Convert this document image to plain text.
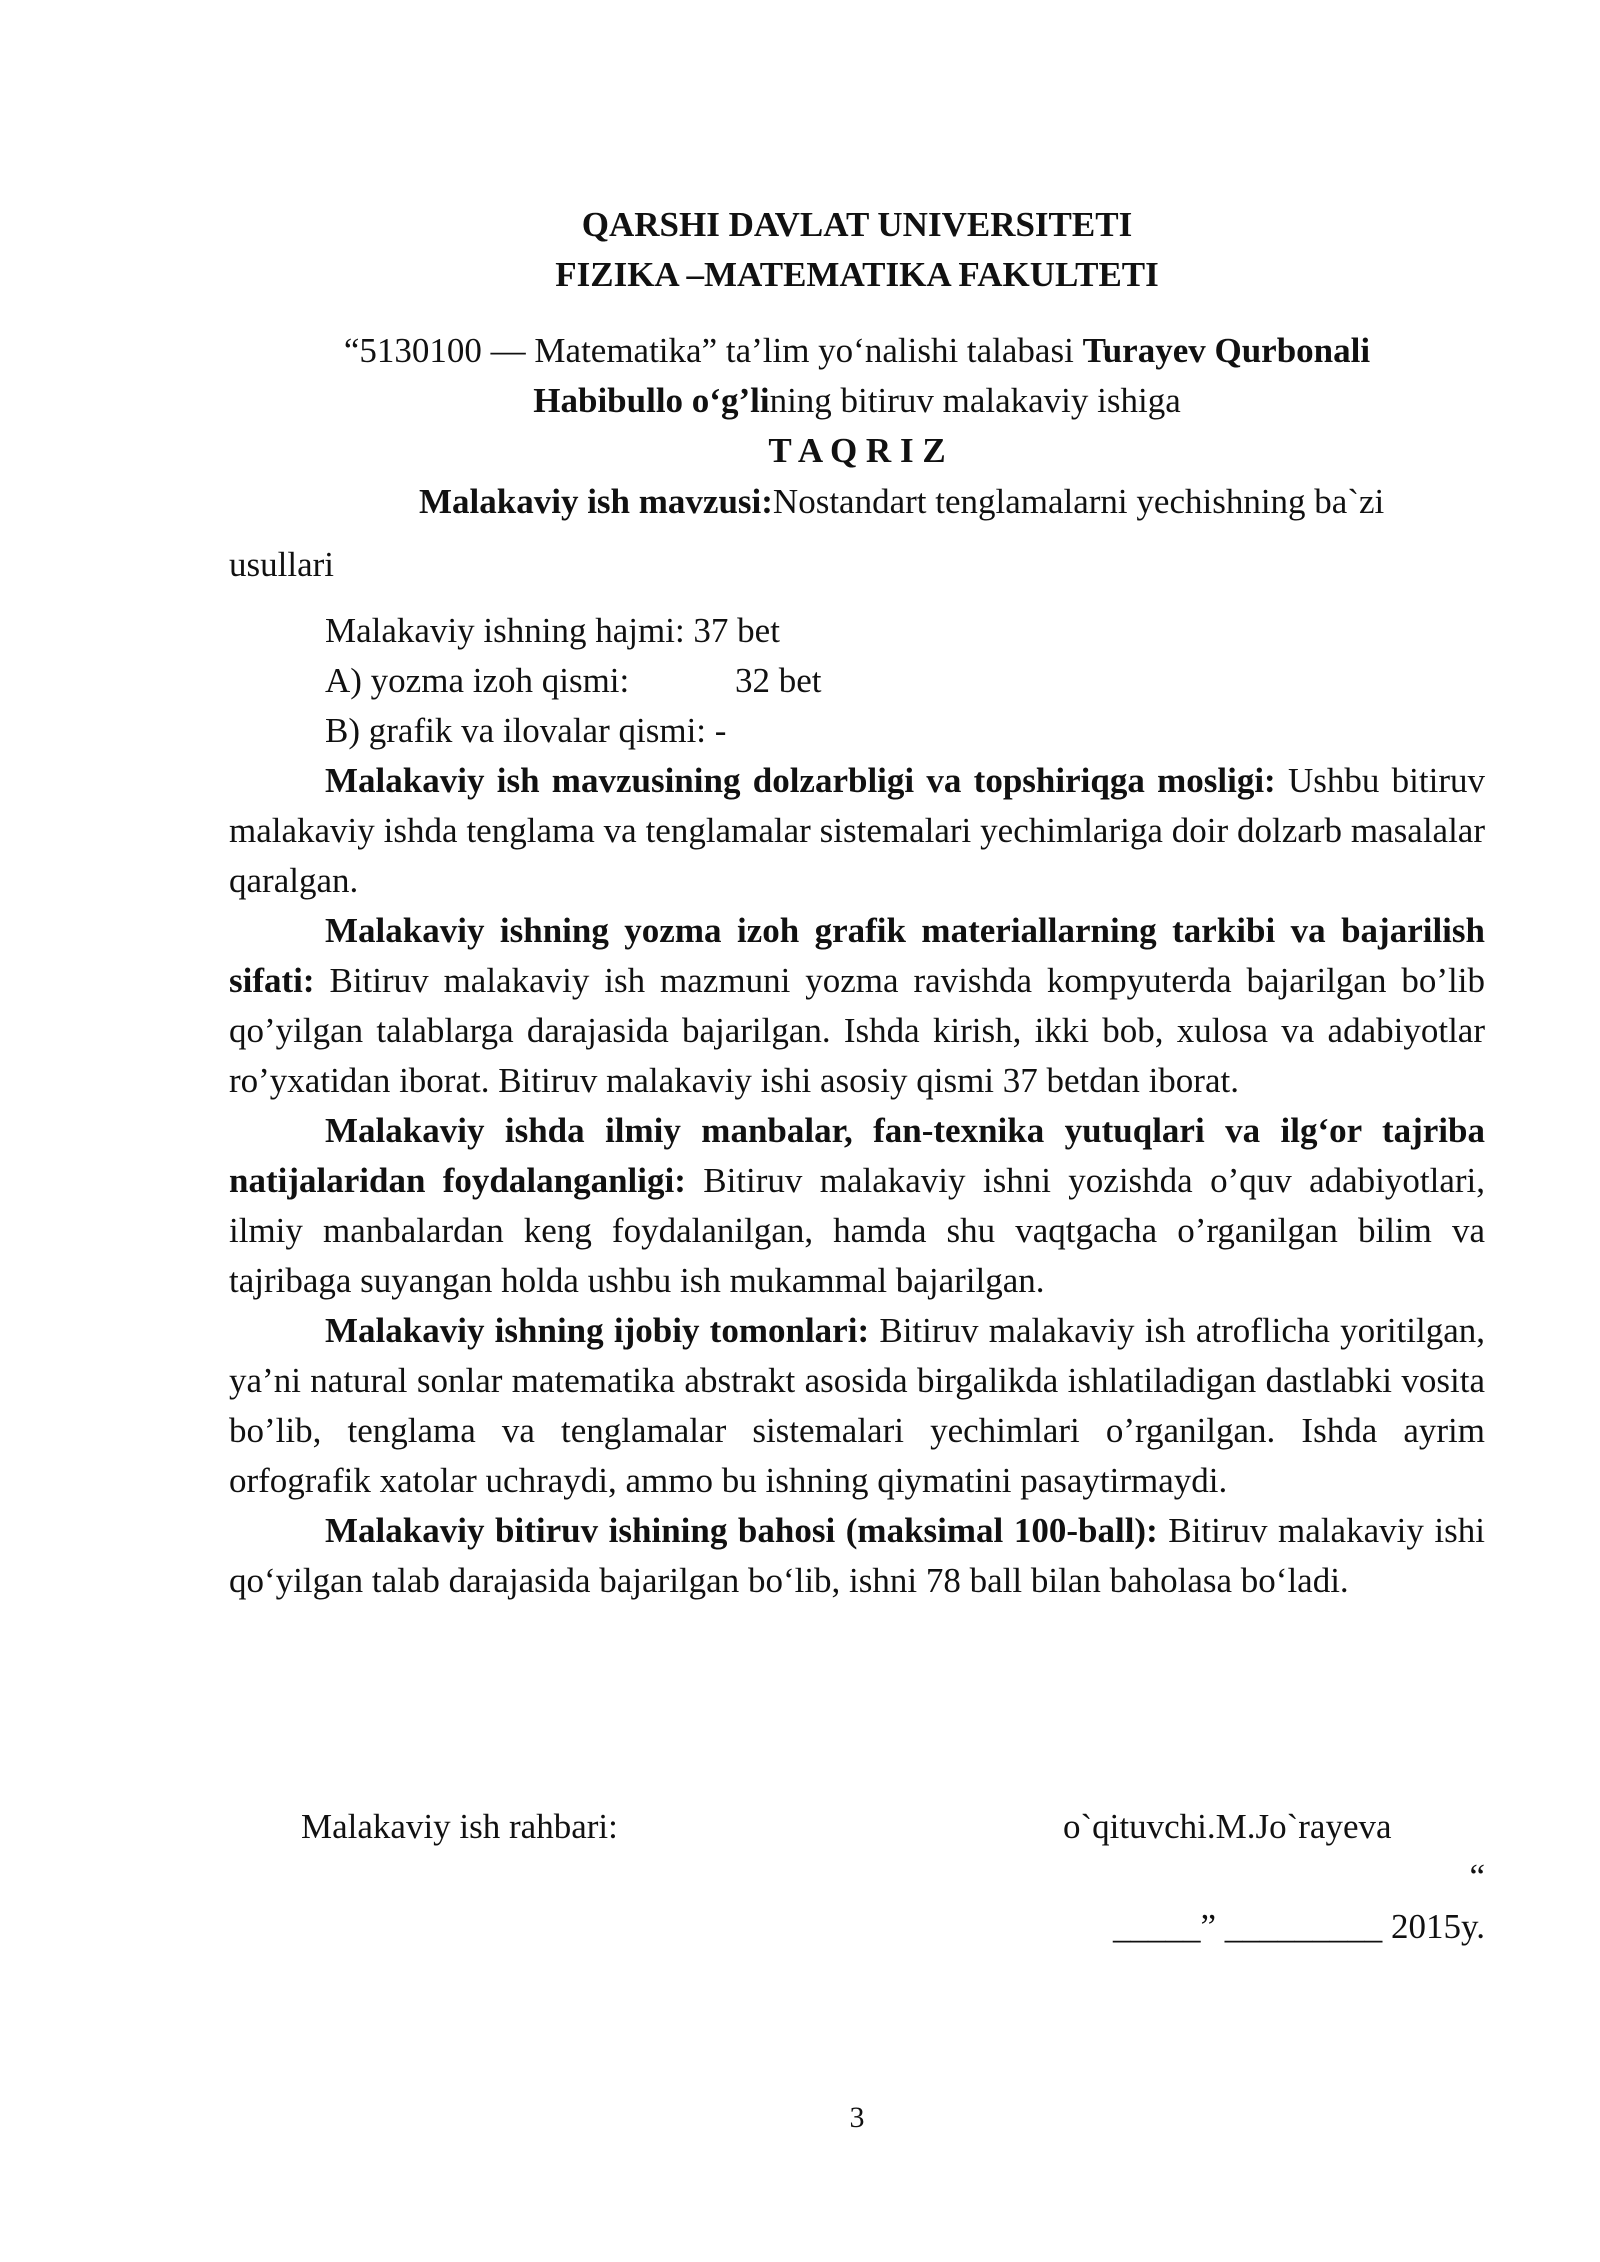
QARSHI DAVLAT UNIVERSITETI
FIZIKA –MATEMATIKA FAKULTETI
“5130100 — Matematika” ta’lim yo‘nalishi talabasi Turayev Qurbonali
Habibullo o‘g’lining bitiruv malakaviy ishiga
T A Q R I Z
Malakaviy ish mavzusi:Nostandart tenglamalarni yechishning ba`zi
usullari
Malakaviy ishning hajmi: 37 bet
A) yozma izoh qismi:	32 bet
B) grafik va ilovalar qismi: -

Malakaviy ish mavzusining dolzarbligi va topshiriqga mosligi: Ushbu bitiruv malakaviy ishda tenglama va tenglamalar sistemalari yechimlariga doir dolzarb masalalar qaralgan.

Malakaviy ishning yozma izoh grafik materiallarning tarkibi va bajarilish sifati: Bitiruv malakaviy ish mazmuni yozma ravishda kompyuterda bajarilgan bo’lib qo’yilgan talablarga darajasida bajarilgan. Ishda kirish, ikki bob, xulosa va adabiyotlar ro’yxatidan iborat. Bitiruv malakaviy ishi asosiy qismi 37 betdan iborat.

Malakaviy ishda ilmiy manbalar, fan-texnika yutuqlari va ilg‘or tajriba natijalaridan foydalanganligi: Bitiruv malakaviy ishni yozishda o’quv adabiyotlari, ilmiy manbalardan keng foydalanilgan, hamda shu vaqtgacha o’rganilgan bilim va tajribaga suyangan holda ushbu ish mukammal bajarilgan.

Malakaviy ishning ijobiy tomonlari: Bitiruv malakaviy ish atroflicha yoritilgan, ya’ni natural sonlar matematika abstrakt asosida birgalikda ishlatiladigan dastlabki vosita bo’lib, tenglama va tenglamalar sistemalari yechimlari o’rganilgan. Ishda ayrim orfografik xatolar uchraydi, ammo bu ishning qiymatini pasaytirmaydi.

Malakaviy bitiruv ishining bahosi (maksimal 100-ball): Bitiruv malakaviy ishi qo‘yilgan talab darajasida bajarilgan bo‘lib, ishni 78 ball bilan baholasa bo‘ladi.

Malakaviy ish rahbari:	o`qituvchi.M.Jo`rayeva
“
_____” _________ 2015y.
3
